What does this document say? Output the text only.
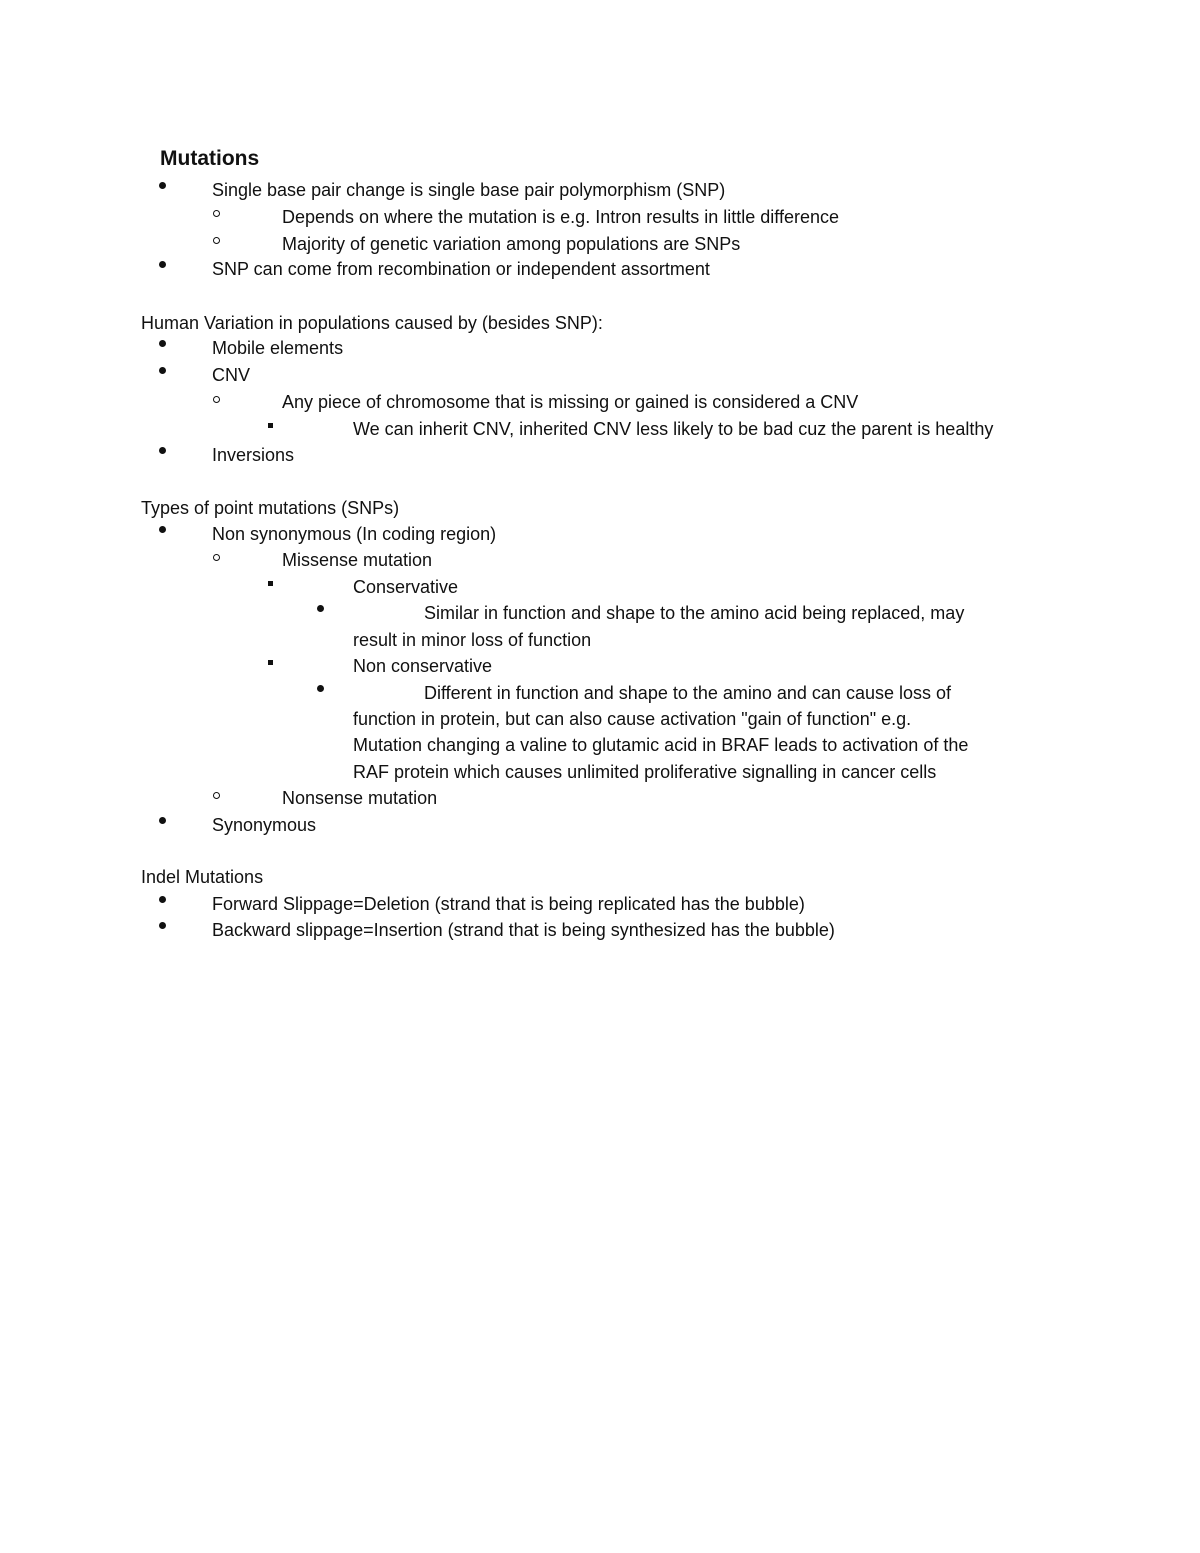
Mutations
Single base pair change is single base pair polymorphism (SNP)
Depends on where the mutation is e.g. Intron results in little difference
Majority of genetic variation among populations are SNPs
SNP can come from recombination or independent assortment
Human Variation in populations caused by (besides SNP):
Mobile elements
CNV
Any piece of chromosome that is missing or gained is considered a CNV
We can inherit CNV, inherited CNV less likely to be bad cuz the parent is healthy
Inversions
Types of point mutations (SNPs)
Non synonymous (In coding region)
Missense mutation
Conservative
Similar in function and shape to the amino acid being replaced, may
result in minor loss of function
Non conservative
Different in function and shape to the amino and can cause loss of
function in protein, but can also cause activation "gain of function" e.g.
Mutation changing a valine to glutamic acid in BRAF leads to activation of the
RAF protein which causes unlimited proliferative signalling in cancer cells
Nonsense mutation
Synonymous
Indel Mutations
Forward Slippage=Deletion (strand that is being replicated has the bubble)
Backward slippage=Insertion (strand that is being synthesized has the bubble)
